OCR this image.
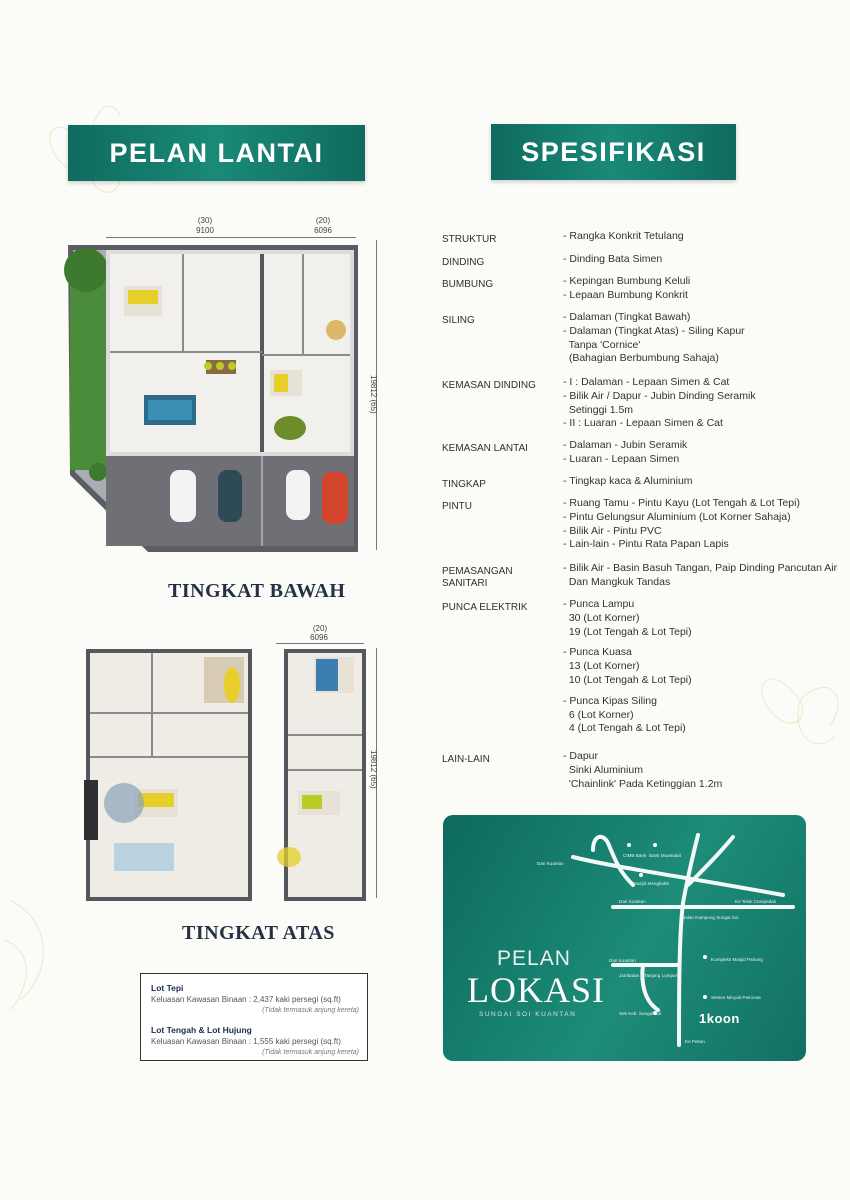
PELAN LANTAI	SPESIFIKASI
(30)
9100
(20)
6096
19812 (65)
TINGKAT BAWAH
(20)
6096
19812 (65)
TINGKAT ATAS
Lot Tepi
Keluasan Kawasan Binaan : 2,437 kaki persegi (sq.ft)
(Tidak termasuk anjung kereta)
Lot Tengah & Lot Hujung
Keluasan Kawasan Binaan : 1,555 kaki persegi (sq.ft)
(Tidak termasuk anjung kereta)
STRUKTUR	- Rangka Konkrit Tetulang
DINDING	- Dinding Bata Simen
BUMBUNG	- Kepingan Bumbung Keluli
- Lepaan Bumbung Konkrit
SILING	- Dalaman (Tingkat Bawah)
- Dalaman (Tingkat Atas) - Siling Kapur
Tanpa 'Cornice'
(Bahagian Berbumbung Sahaja)
KEMASAN DINDING	- I : Dalaman - Lepaan Simen & Cat
- Bilik Air / Dapur - Jubin Dinding Seramik
Setinggi 1.5m
- II : Luaran - Lepaan Simen & Cat
KEMASAN LANTAI	- Dalaman - Jubin Seramik
- Luaran - Lepaan Simen
TINGKAP	- Tingkap kaca & Aluminium
PINTU	- Ruang Tamu - Pintu Kayu (Lot Tengah & Lot Tepi)
- Pintu Gelungsur Aluminium (Lot Korner Sahaja)
- Bilik Air - Pintu PVC
- Lain-lain - Pintu Rata Papan Lapis
PEMASANGAN SANITARI
- Bilik Air - Basin Basuh Tangan, Paip Dinding Pancutan Air
Dan Mangkuk Tandas
PUNCA ELEKTRIK	- Punca Lampu
30 (Lot Korner)
19 (Lot Tengah & Lot Tepi)
- Punca Kuasa
13 (Lot Korner)
10 (Lot Tengah & Lot Tepi)
- Punca Kipas Siling
6 (Lot Korner)
4 (Lot Tengah & Lot Tepi)
LAIN-LAIN	- Dapur
Sinki Aluminium
'Chainlink' Pada Ketinggian 1.2m
Dari Kuantan
CIMB Bank Bank Muamalat
Masjid Mengkabit
Dari Kuantan	Ke Teluk Cempedak
Jalan Kampung Sungai Soi
Dari Kuantan
Jambatan 2 Tanjung Lumpur
Kompleks Masjid Pahang
Stesen Minyak Petronas
Sek Keb. Sungai Soi
Ke Pekan
PELAN
LOKASI
SUNGAI SOI KUANTAN	1koon
